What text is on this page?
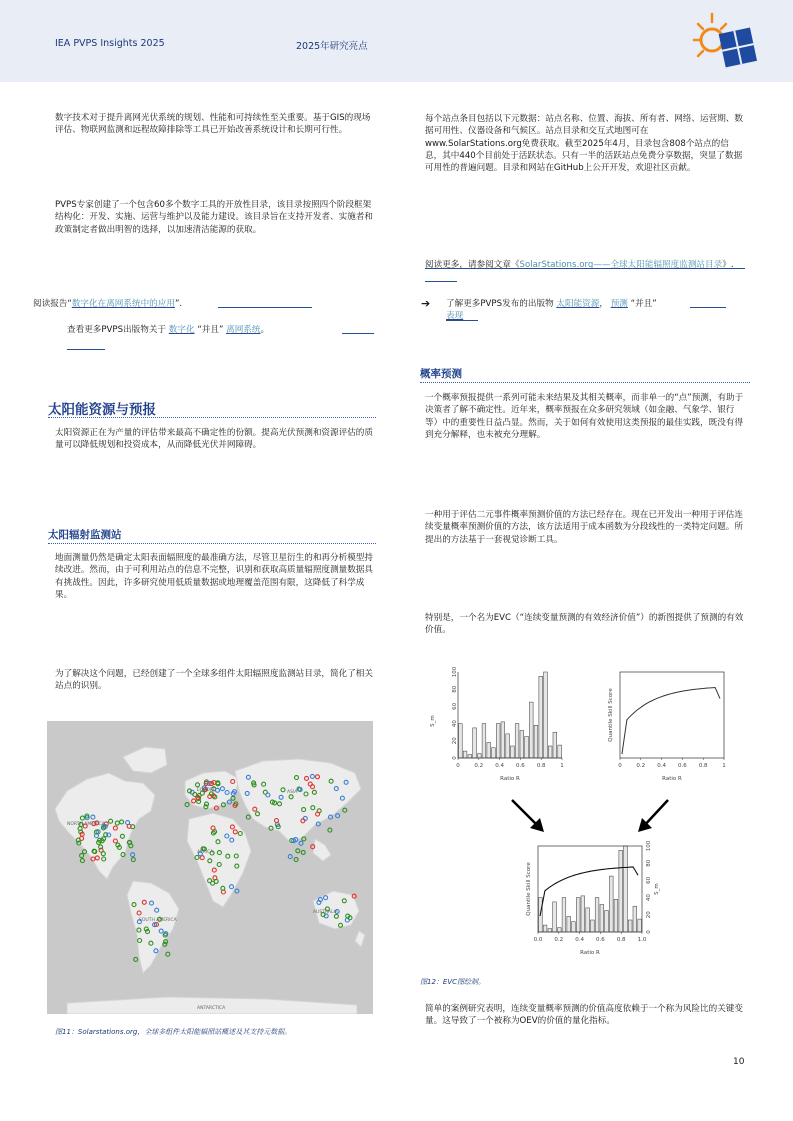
IEA PVPS Insights 2025	2025年研究亮点
数字技术对于提升离网光伏系统的规划、性能和可持续性至关重要。基于GIS的现场评估、物联网监测和远程故障排除等工具已开始改善系统设计和长期可行性。
PVPS专家创建了一个包含60多个数字工具的开放性目录，该目录按照四个阶段框架结构化：开发、实施、运营与维护以及能力建设。该目录旨在支持开发者、实施者和政策制定者做出明智的选择，以加速清洁能源的获取。
阅读报告“数字化在离网系统中的应用”.
查看更多PVPS出版物关于 数字化 “并且” 离网系统。
太阳能资源与预报
太阳资源正在为产量的评估带来最高不确定性的份额。提高光伏预测和资源评估的质量可以降低规划和投资成本，从而降低光伏并网障碍。
太阳辐射监测站
地面测量仍然是确定太阳表面辐照度的最准确方法，尽管卫星衍生的和再分析模型持续改进。然而，由于可利用站点的信息不完整，识别和获取高质量辐照度测量数据具有挑战性。因此，许多研究使用低质量数据或地理覆盖范围有限，这降低了科学成果。
为了解决这个问题，已经创建了一个全球多组件太阳辐照度监测站目录，简化了相关站点的识别。
NORTH AMERICA
SOUTH AMERICA
AFRICA
EUROPE	ASIA
AUSTRALIA
ANTARCTICA
图11：Solarstations.org，全球多组件太阳能辐照站概述及其支持元数据。
每个站点条目包括以下元数据：站点名称、位置、海拔、所有者、网络、运营期、数据可用性、仪器设备和气候区。站点目录和交互式地图可在www.SolarStations.org免费获取。截至2025年4月，目录包含808个站点的信息，其中440个目前处于活跃状态。只有一半的活跃站点免费分享数据，突显了数据可用性的普遍问题。目录和网站在GitHub上公开开发，欢迎社区贡献。
阅读更多，请参阅文章《SolarStations.org——全球太阳能辐照度监测站目录》.
➔ 了解更多PVPS发布的出版物 太阳能资源， 预测 “并且”
表现
概率预测
一个概率预报提供一系列可能未来结果及其相关概率，而非单一的“点”预测，有助于决策者了解不确定性。近年来，概率预报在众多研究领域（如金融、气象学、银行等）中的重要性日益凸显。然而，关于如何有效使用这类预报的最佳实践，既没有得到充分解释，也未被充分理解。
一种用于评估二元事件概率预测价值的方法已经存在。现在已开发出一种用于评估连续变量概率预测价值的方法，该方法适用于成本函数为分段线性的一类特定问题。所提出的方法基于一套视觉诊断工具。
特别是，一个名为EVC（“连续变量预测的有效经济价值”）的新图提供了预测的有效价值。
0
20
40
60
80
100
0	0.2 0.4 0.6 0.8	1
Ratio R
S_m
0	0.2 0.4 0.6 0.8	1
Ratio R
Quantile Skill Score
0.0 0.2 0.4 0.6 0.8 1.0
Ratio R
Quantile Skill Score	S_m
0
20
40
60
80
100
图12：EVC图绘制。
简单的案例研究表明，连续变量概率预测的价值高度依赖于一个称为风险比的关键变量。这导致了一个被称为OEV的价值的量化指标。
10
